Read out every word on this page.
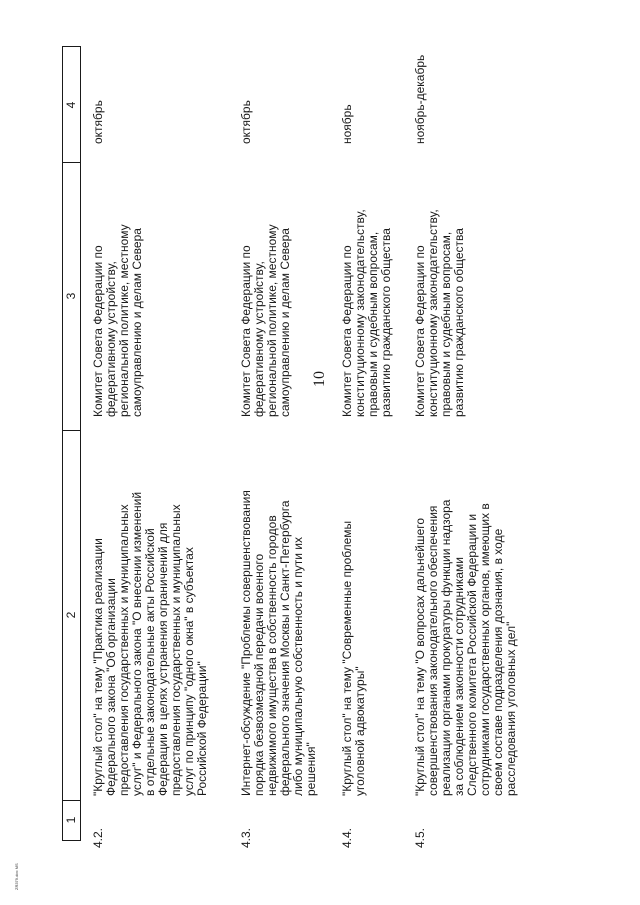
10
1
2
3
4
4.2.
"Круглый стол" на тему "Практика реализации
Федерального закона "Об организации
предоставления государственных и муниципальных
услуг" и Федерального закона "О внесении изменений
в отдельные законодательные акты Российской
Федерации в целях устранения ограничений для
предоставления государственных и муниципальных
услуг по принципу "одного окна" в субъектах
Российской Федерации"
Комитет Совета Федерации по
федеративному устройству,
региональной политике, местному
самоуправлению и делам Севера
октябрь
4.3.
Интернет-обсуждение "Проблемы совершенствования
порядка безвозмездной передачи военного
недвижимого имущества в собственность городов
федерального значения Москвы и Санкт-Петербурга
либо муниципальную собственность и пути их
решения"
Комитет Совета Федерации по
федеративному устройству,
региональной политике, местному
самоуправлению и делам Севера
октябрь
4.4.
"Круглый стол" на тему "Современные проблемы
уголовной адвокатуры"
Комитет Совета Федерации по
конституционному законодательству,
правовым и судебным вопросам,
развитию гражданского общества
ноябрь
4.5.
"Круглый стол" на тему "О вопросах дальнейшего
совершенствования законодательного обеспечения
реализации органами прокуратуры функции надзора
за соблюдением законности сотрудниками
Следственного комитета Российской Федерации и
сотрудниками государственных органов, имеющих в
своем составе подразделения дознания, в ходе
расследования уголовных дел"
Комитет Совета Федерации по
конституционному законодательству,
правовым и судебным вопросам,
развитию гражданского общества
ноябрь-декабрь
ZR379.doc MS
